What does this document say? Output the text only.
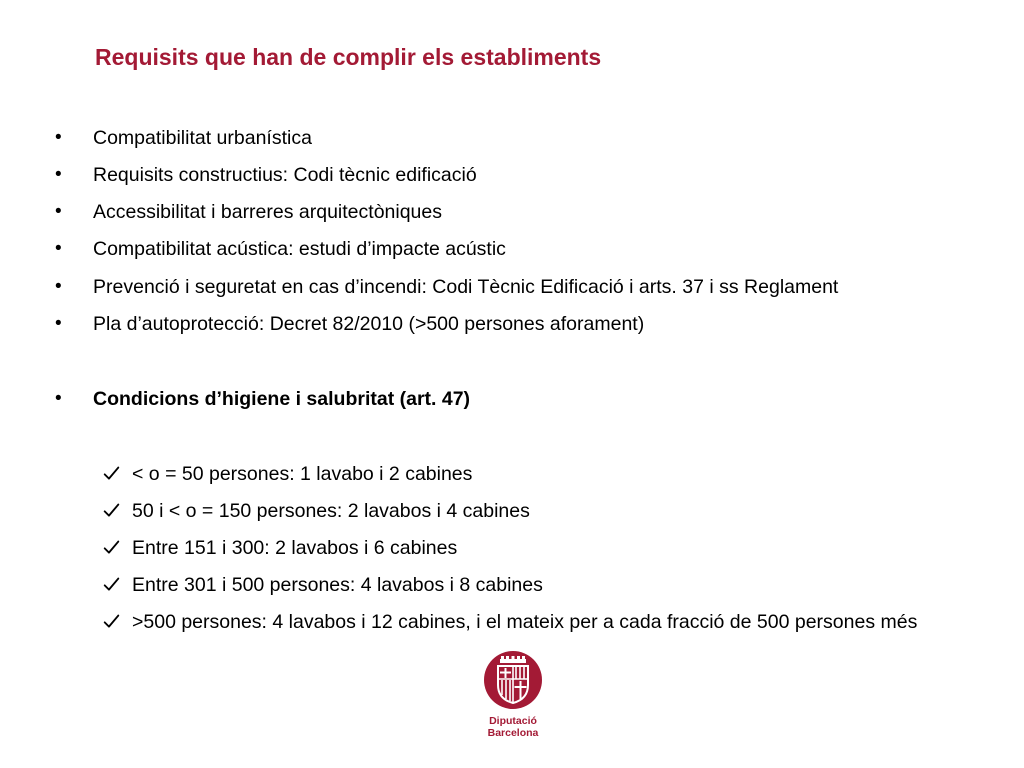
Requisits que han de complir els establiments
• Compatibilitat urbanística
• Requisits constructius: Codi tècnic edificació
• Accessibilitat i barreres arquitectòniques
• Compatibilitat acústica: estudi d’impacte acústic
• Prevenció i seguretat en cas d’incendi: Codi Tècnic Edificació i arts. 37 i ss Reglament
• Pla d’autoprotecció: Decret 82/2010 (>500 persones aforament)
• Condicions d’higiene i salubritat (art. 47)
< o = 50 persones: 1 lavabo i 2 cabines
50 i < o = 150 persones: 2 lavabos i 4 cabines
Entre 151 i 300: 2 lavabos i 6 cabines
Entre 301 i 500 persones: 4 lavabos i 8 cabines
>500 persones: 4 lavabos i 12 cabines, i el mateix per a cada fracció de 500 persones més
Diputació
Barcelona
